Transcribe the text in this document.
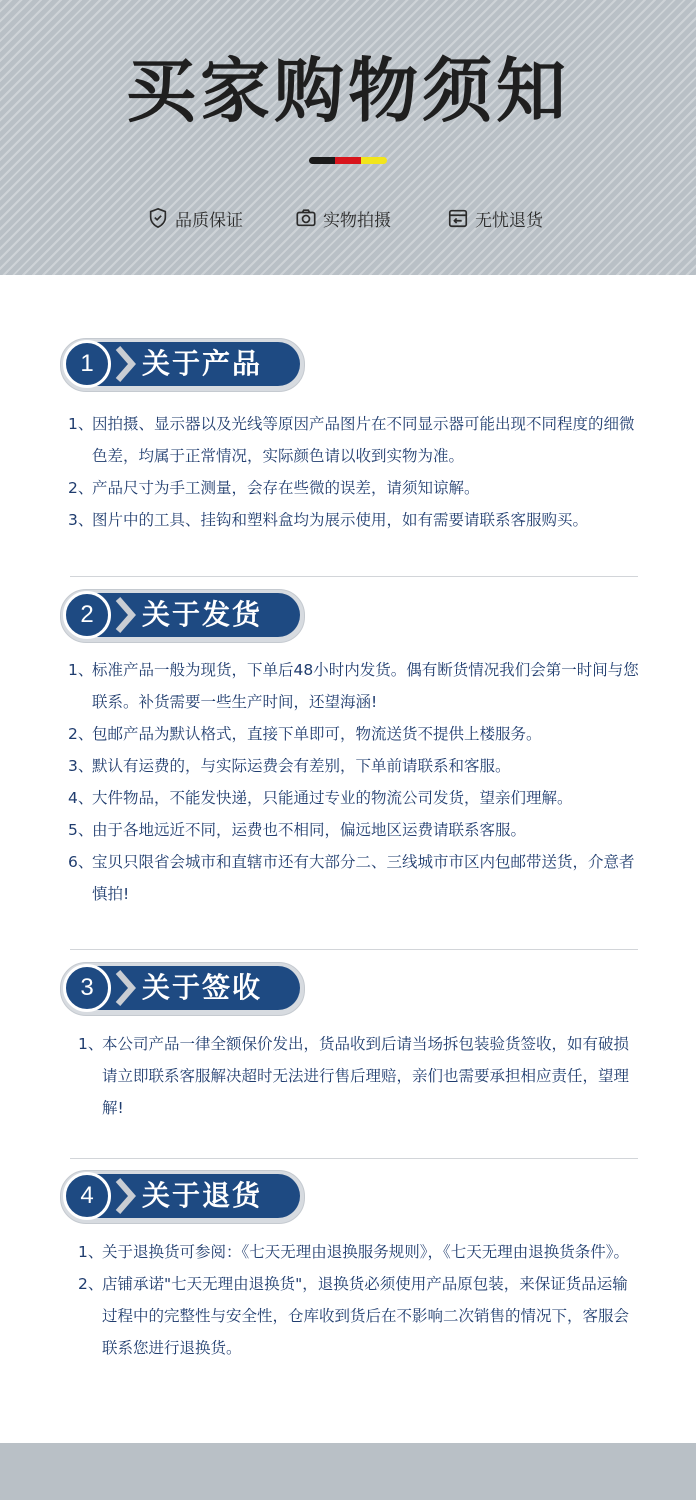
买家购物须知
品质保证	实物拍摄	无忧退货
1	关于产品
1、
因拍摄、显示器以及光线等原因产品图片在不同显示器可能出现不同程度的细微色差，均属于正常情况，实际颜色请以收到实物为准。
2、
产品尺寸为手工测量，会存在些微的误差，请须知谅解。
3、
图片中的工具、挂钩和塑料盒均为展示使用，如有需要请联系客服购买。
2	关于发货
1、
标准产品一般为现货，下单后48小时内发货。偶有断货情况我们会第一时间与您联系。补货需要一些生产时间，还望海涵!
2、
包邮产品为默认格式，直接下单即可，物流送货不提供上楼服务。
3、
默认有运费的，与实际运费会有差别，下单前请联系和客服。
4、
大件物品，不能发快递，只能通过专业的物流公司发货，望亲们理解。
5、
由于各地远近不同，运费也不相同，偏远地区运费请联系客服。
6、
宝贝只限省会城市和直辖市还有大部分二、三线城市市区内包邮带送货，介意者慎拍!
3	关于签收
1、
本公司产品一律全额保价发出，货品收到后请当场拆包装验货签收，如有破损请立即联系客服解决超时无法进行售后理赔，亲们也需要承担相应责任，望理解!
4	关于退货
1、
关于退换货可参阅：《七天无理由退换服务规则》，《七天无理由退换货条件》。
2、
店铺承诺"七天无理由退换货"，退换货必须使用产品原包装，来保证货品运输过程中的完整性与安全性，仓库收到货后在不影响二次销售的情况下，客服会联系您进行退换货。
